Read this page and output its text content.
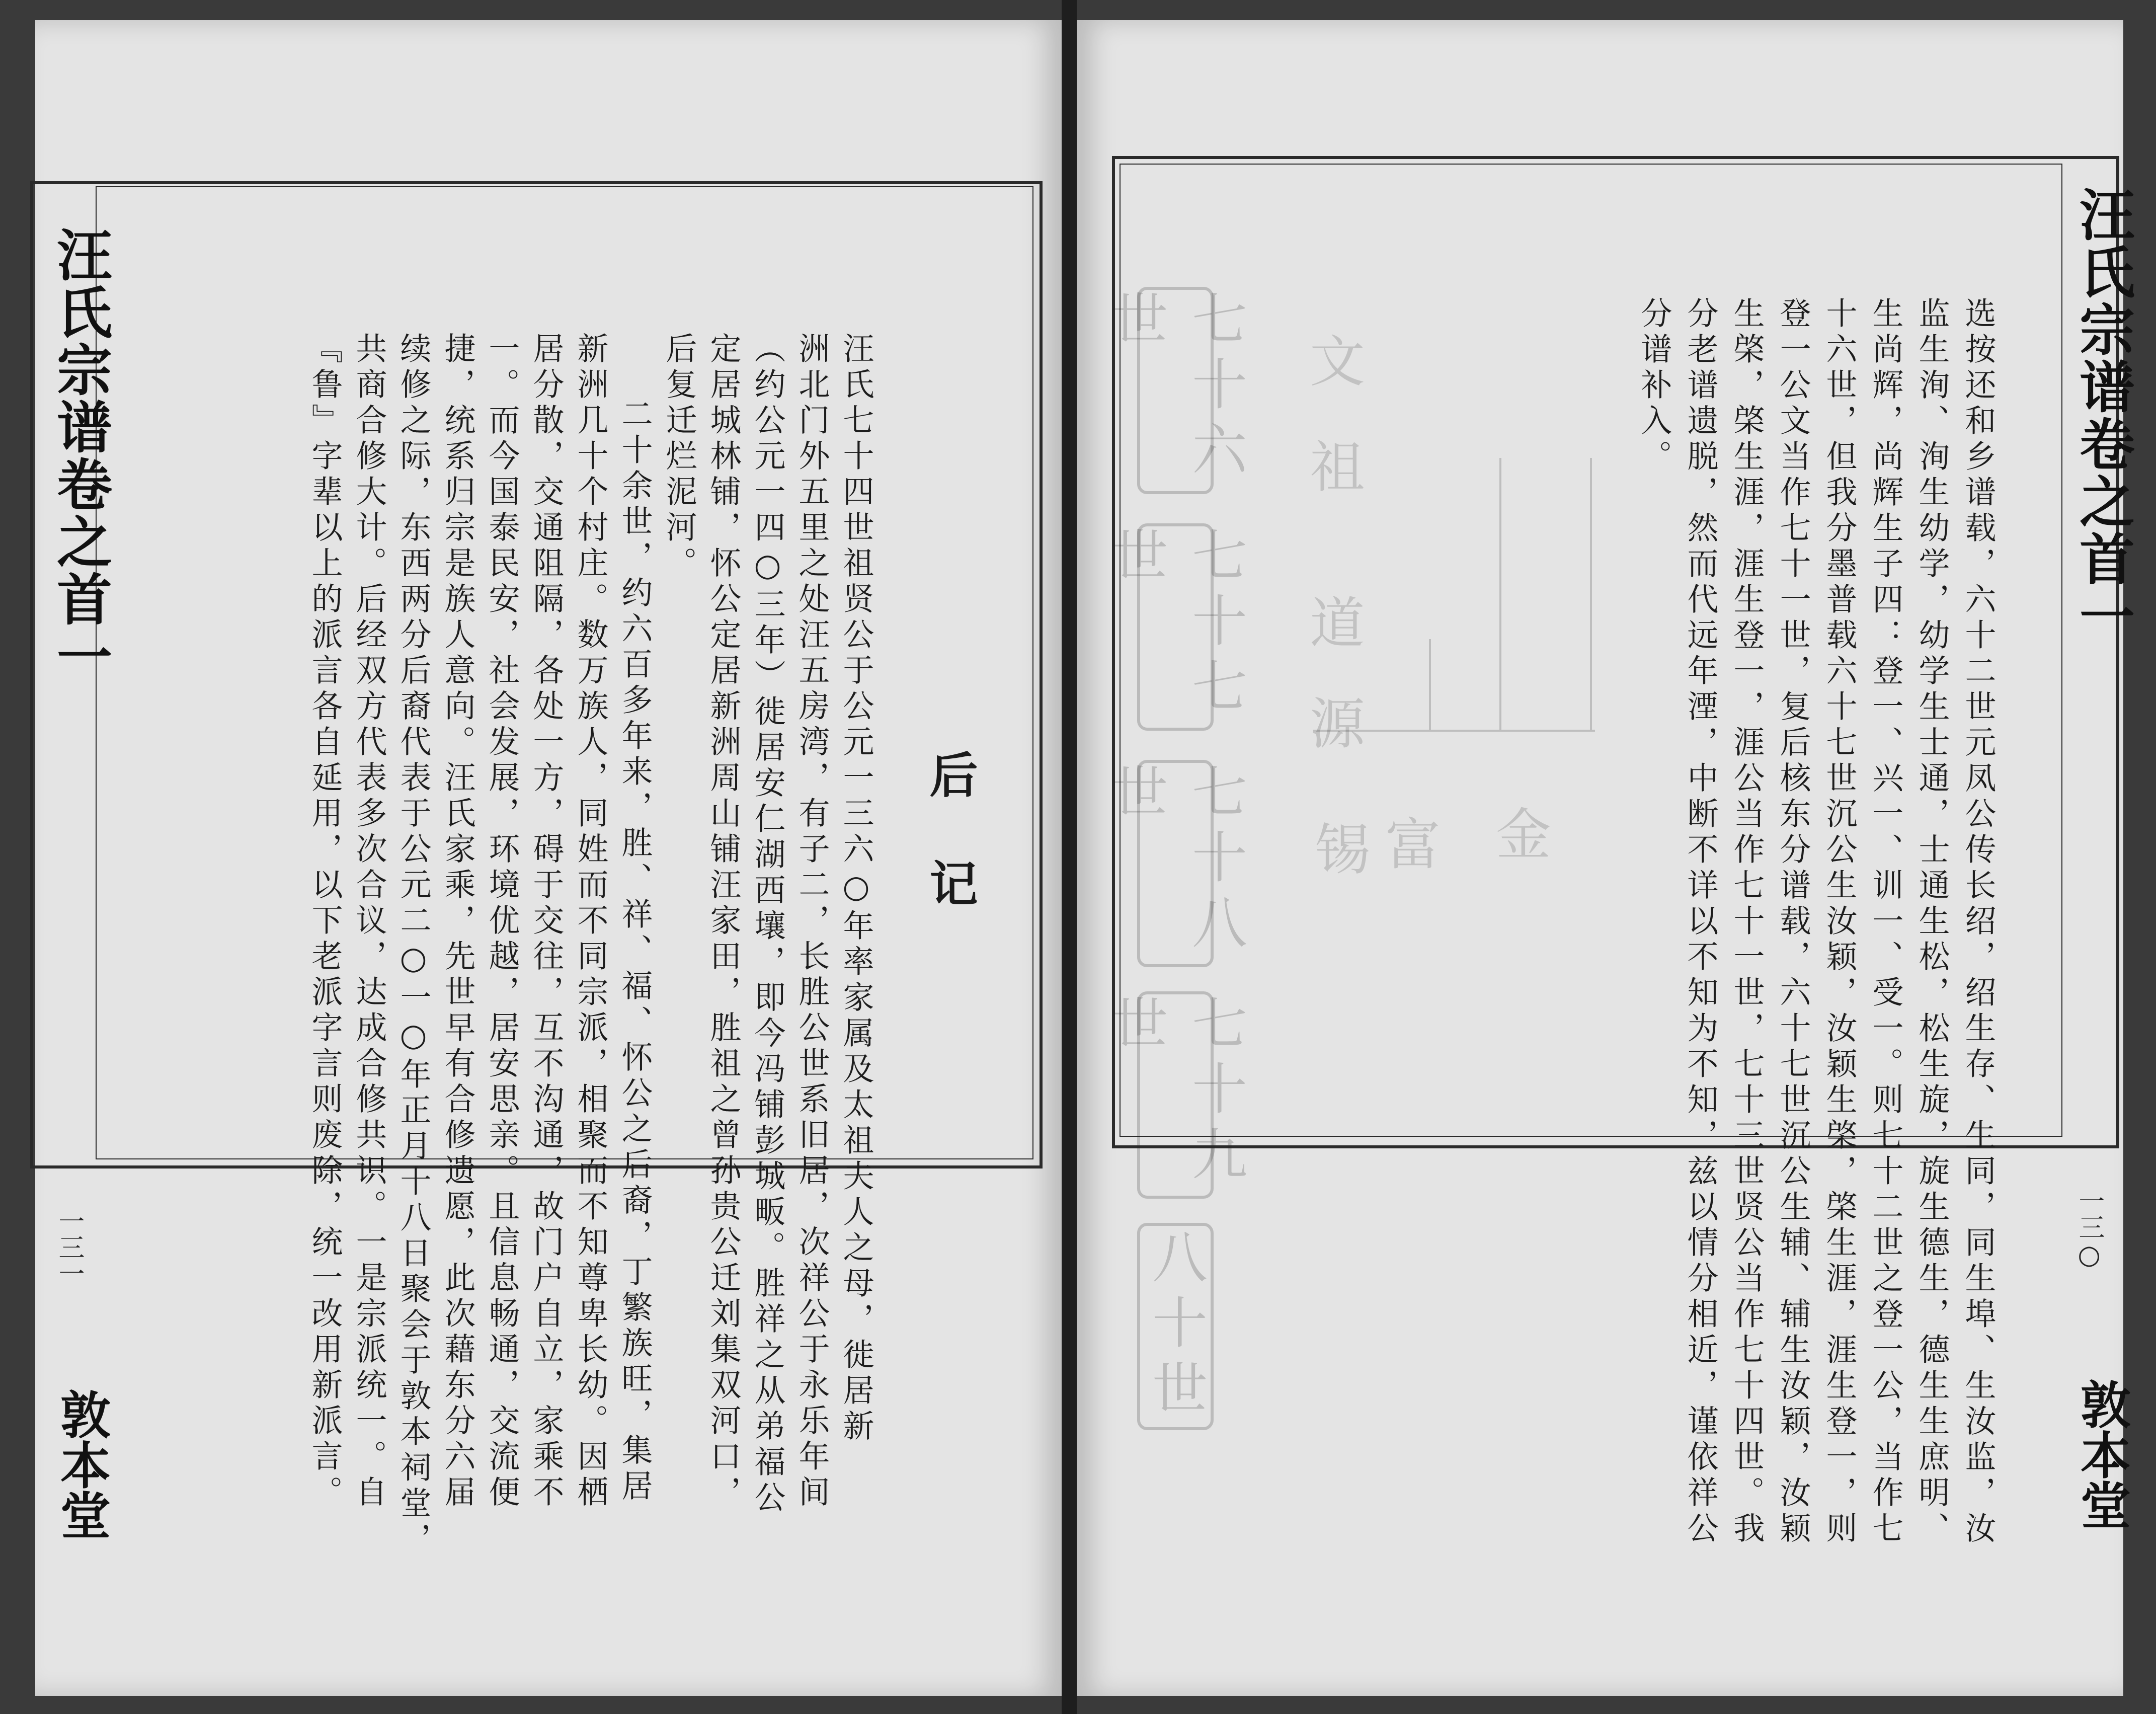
汪氏宗谱卷之首一
一三一
敦本堂
后记
汪氏七十四世祖贤公于公元一三六○年率家属及太祖夫人之母，徙居新
洲北门外五里之处汪五房湾，有子二，长胜公世系旧居，次祥公于永乐年间
（约公元一四○三年）徙居安仁湖西壤，即今冯铺彭城畈。胜祥之从弟福公
定居城林铺，怀公定居新洲周山铺汪家田，胜祖之曾孙贵公迁刘集双河口，
后复迁烂泥河。
二十余世，约六百多年来，胜、祥、福、怀公之后裔，丁繁族旺，集居
新洲几十个村庄。数万族人，同姓而不同宗派，相聚而不知尊卑长幼。因栖
居分散，交通阻隔，各处一方，碍于交往，互不沟通，故门户自立，家乘不
一。而今国泰民安，社会发展，环境优越，居安思亲。且信息畅通，交流便
捷，统系归宗是族人意向。汪氏家乘，先世早有合修遗愿，此次藉东分六届
续修之际，东西两分后裔代表于公元二○一○年正月十八日聚会于敦本祠堂，
共商合修大计。后经双方代表多次合议，达成合修共识。一是宗派统一。自
『鲁』字辈以上的派言各自延用，以下老派字言则废除，统一改用新派言。	七十六世
七十七世
七十八世
七十九世
八十世
文
祖
道
源
富 金
锡
汪氏宗谱卷之首一
一三○
敦本堂
选按还和乡谱载，六十二世元凤公传长绍，绍生存、生同，同生埠、生汝监，汝
监生洵、洵生幼学，幼学生士通，士通生松，松生旋，旋生德生，德生生庶明、
生尚辉，尚辉生子四：登一、兴一、训一、受一。则七十二世之登一公，当作七
十六世，但我分墨普载六十七世沉公生汝颖，汝颖生棨，棨生涯，涯生登一，则
登一公文当作七十一世，复后核东分谱载，六十七世沉公生辅、辅生汝颖，汝颖
生棨，棨生涯，涯生登一，涯公当作七十一世，七十三世贤公当作七十四世。我
分老谱遗脱，然而代远年湮，中断不详以不知为不知，兹以情分相近，谨依祥公
分谱补入。
